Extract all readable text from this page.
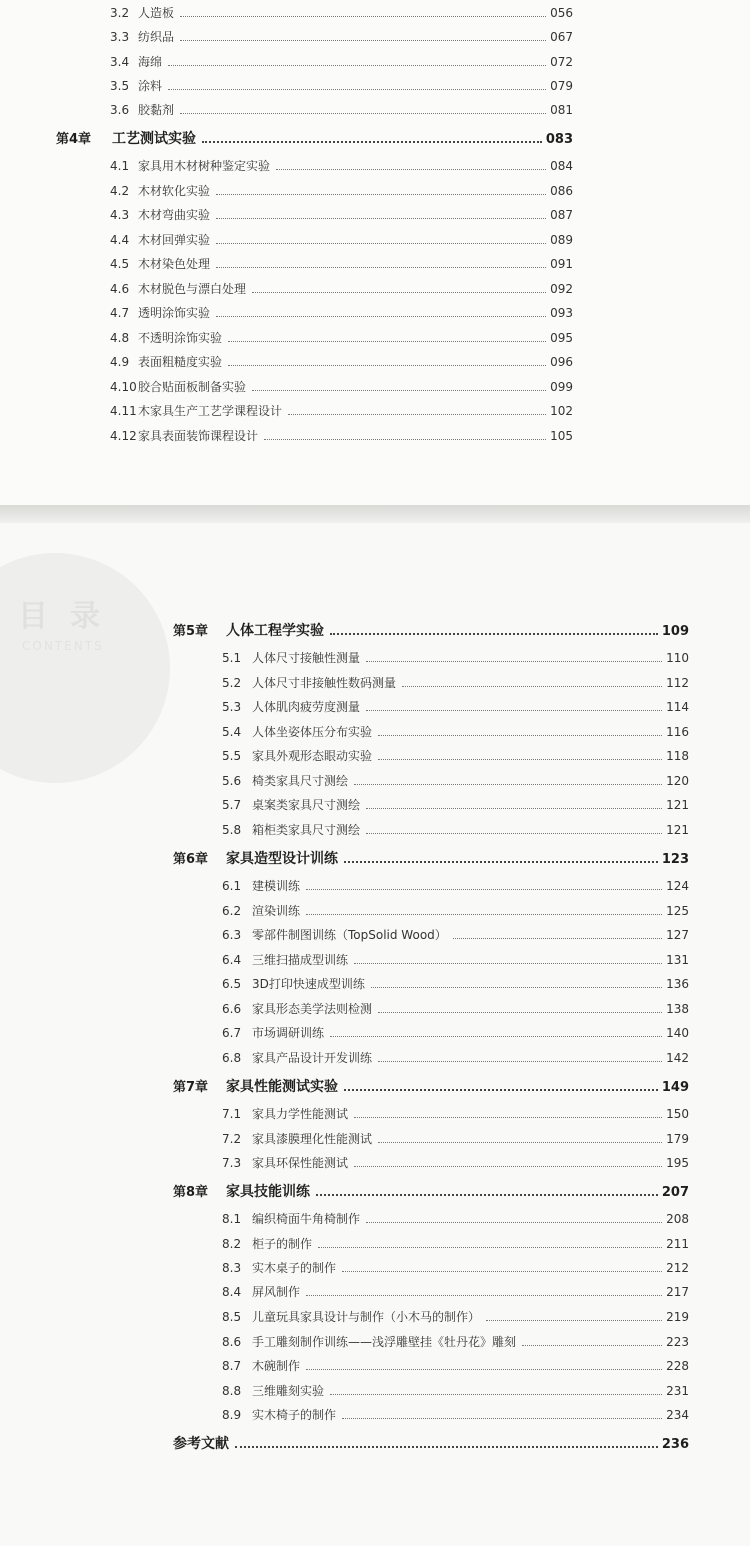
3.2 人造板	056
3.3 纺织品	067
3.4 海绵	072
3.5 涂料	079
3.6 胶黏剂	081
第4章	工艺测试实验	083
4.1 家具用木材树种鉴定实验	084
4.2 木材软化实验	086
4.3 木材弯曲实验	087
4.4 木材回弹实验	089
4.5 木材染色处理	091
4.6 木材脱色与漂白处理	092
4.7 透明涂饰实验	093
4.8 不透明涂饰实验	095
4.9 表面粗糙度实验	096
4.10 胶合贴面板制备实验	099
4.11 木家具生产工艺学课程设计	102
4.12 家具表面装饰课程设计	105
目录
CONTENTS
第5章	人体工程学实验	109
5.1 人体尺寸接触性测量	110
5.2 人体尺寸非接触性数码测量	112
5.3 人体肌肉疲劳度测量	114
5.4 人体坐姿体压分布实验	116
5.5 家具外观形态眼动实验	118
5.6 椅类家具尺寸测绘	120
5.7 桌案类家具尺寸测绘	121
5.8 箱柜类家具尺寸测绘	121
第6章	家具造型设计训练	123
6.1 建模训练	124
6.2 渲染训练	125
6.3 零部件制图训练（TopSolid Wood）	127
6.4 三维扫描成型训练	131
6.5 3D打印快速成型训练	136
6.6 家具形态美学法则检测	138
6.7 市场调研训练	140
6.8 家具产品设计开发训练	142
第7章	家具性能测试实验	149
7.1 家具力学性能测试	150
7.2 家具漆膜理化性能测试	179
7.3 家具环保性能测试	195
第8章	家具技能训练	207
8.1 编织椅面牛角椅制作	208
8.2 柜子的制作	211
8.3 实木桌子的制作	212
8.4 屏风制作	217
8.5 儿童玩具家具设计与制作（小木马的制作）	219
8.6 手工雕刻制作训练——浅浮雕壁挂《牡丹花》雕刻	223
8.7 木碗制作	228
8.8 三维雕刻实验	231
8.9 实木椅子的制作	234
参考文献	236
